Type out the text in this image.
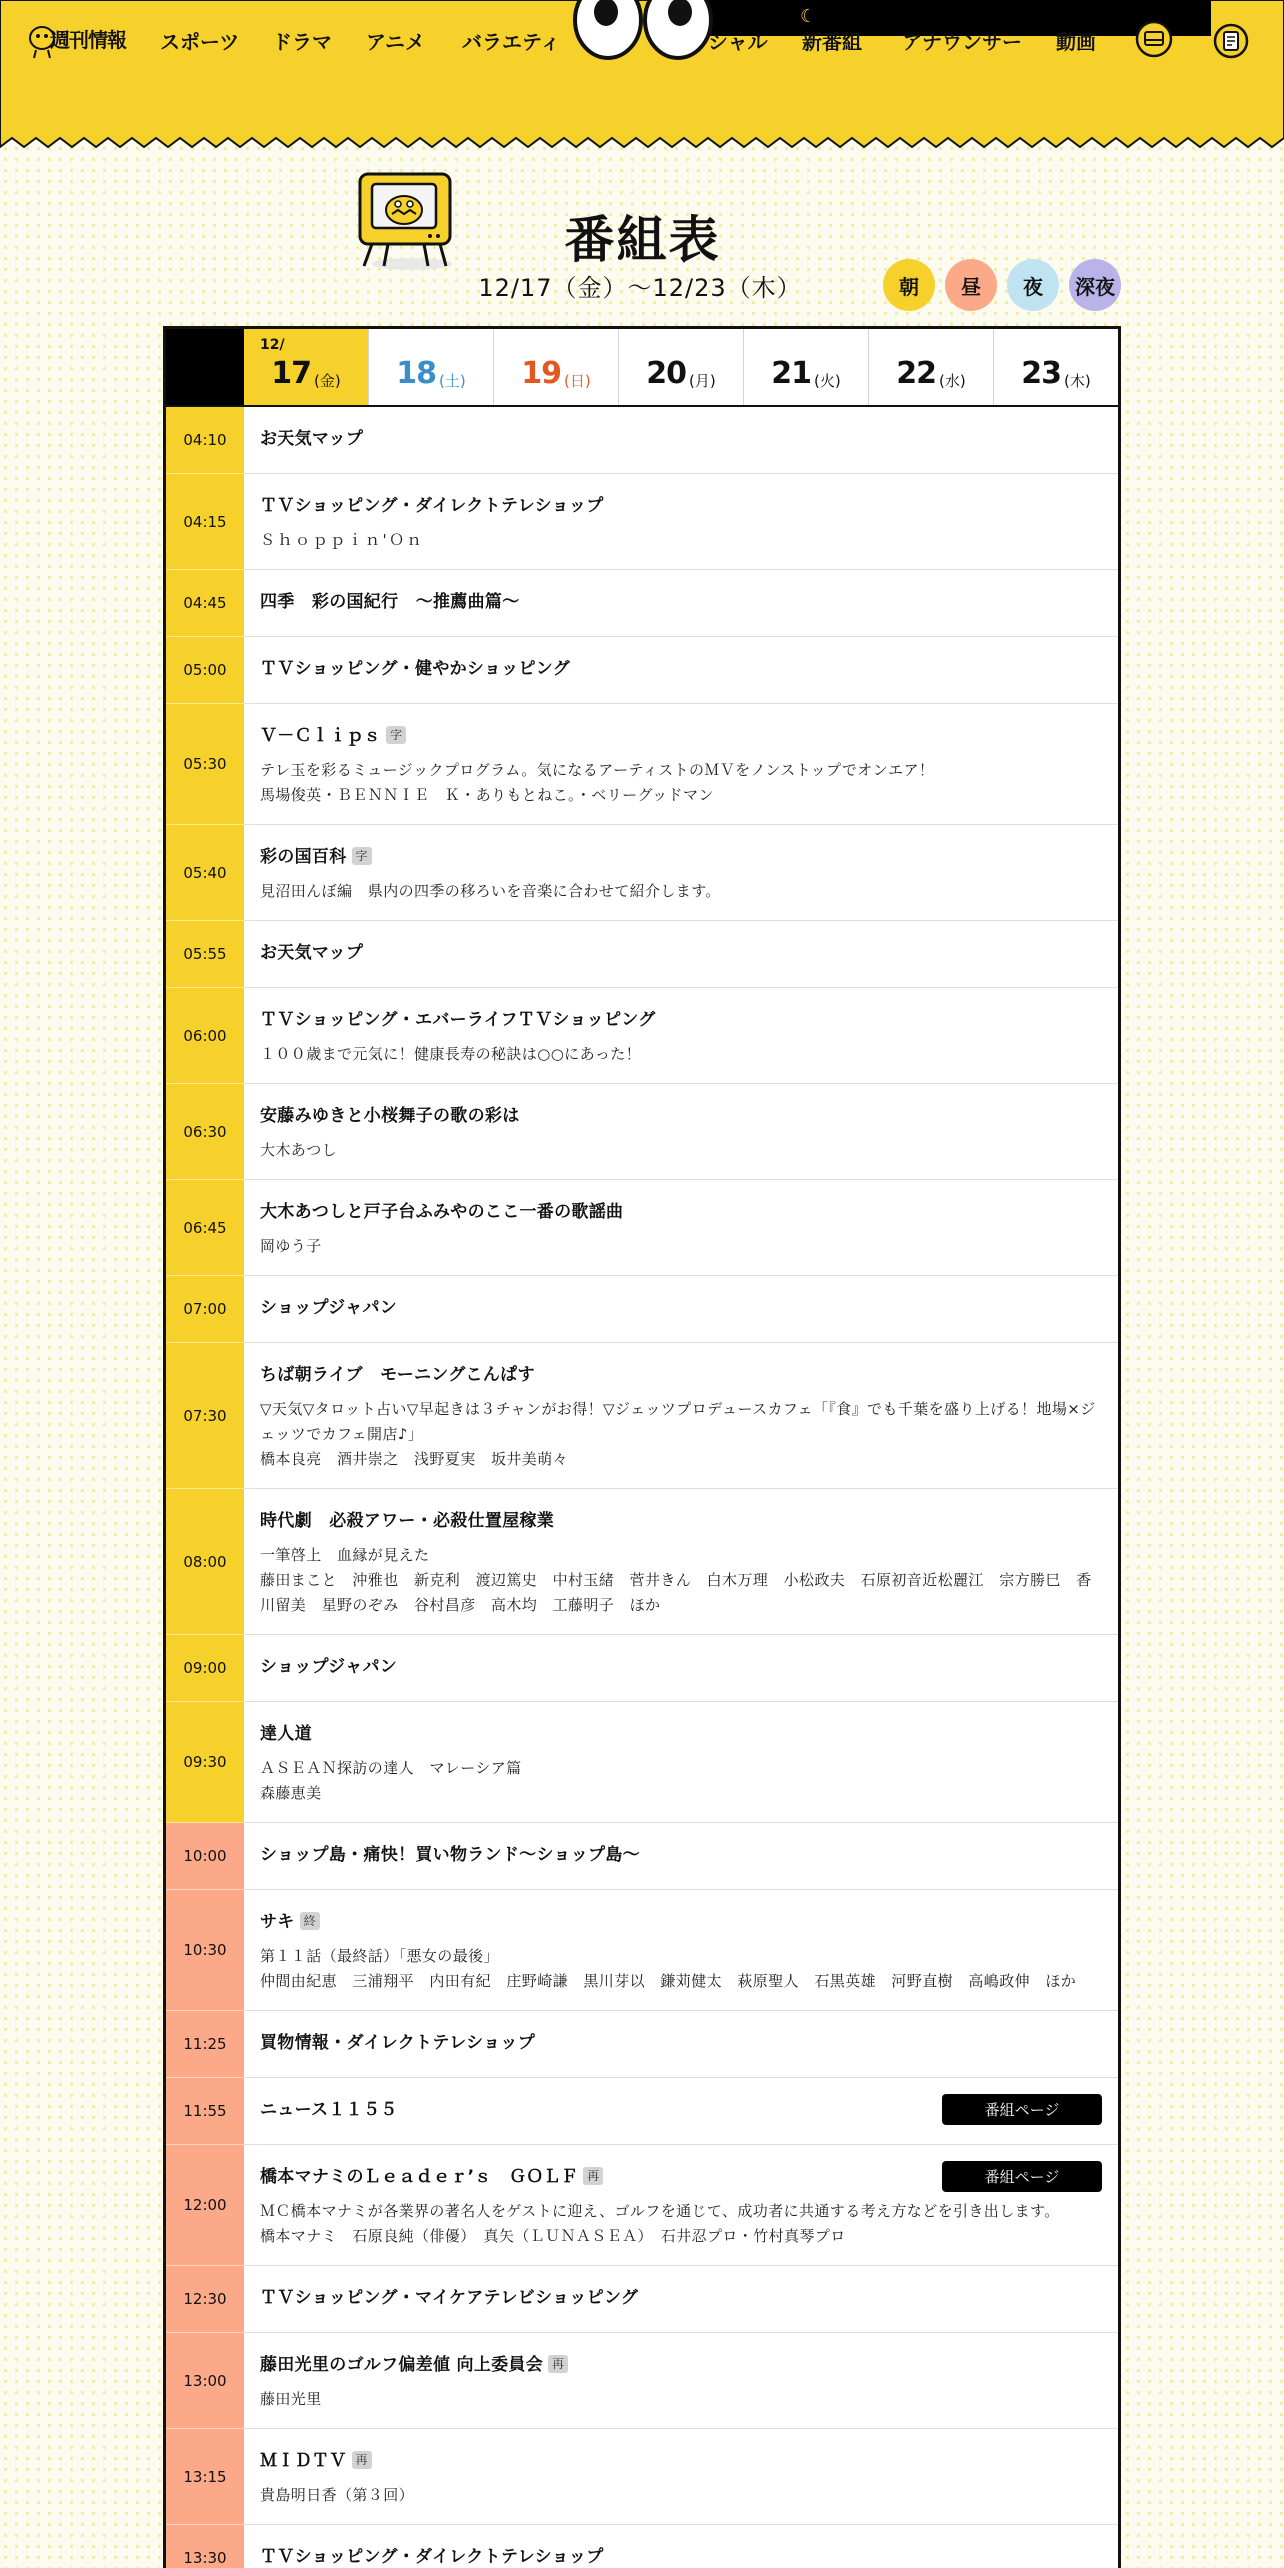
週刊情報 スポーツ ドラマ アニメ バラエティ
☾
シャル 新番組 アナウンサー 動画
番組表
12/17（金）〜12/23（木）	朝 昼 夜 深夜
12/
17 (金) 18 (土) 19 (日) 20 (月) 21 (火) 22 (水) 23 (木)
04:10	お天気マップ
04:15
ＴＶショッピング・ダイレクトテレショップ
Ｓｈｏｐｐｉｎ'Ｏｎ
04:45	四季　彩の国紀行　～推薦曲篇～
05:00	ＴＶショッピング・健やかショッピング
05:30
Ｖ－Ｃｌｉｐｓ 字
テレ玉を彩るミュージックプログラム。気になるアーティストのＭＶをノンストップでオンエア！
馬場俊英・ＢＥＮＮＩＥ　Ｋ・ありもとねこ。・ベリーグッドマン
05:40
彩の国百科 字
見沼田んぼ編　県内の四季の移ろいを音楽に合わせて紹介します。
05:55	お天気マップ
06:00
ＴＶショッピング・エバーライフＴＶショッピング
１００歳まで元気に！健康長寿の秘訣は○○にあった！
06:30
安藤みゆきと小桜舞子の歌の彩は
大木あつし
06:45
大木あつしと戸子台ふみやのここ一番の歌謡曲
岡ゆう子
07:00	ショップジャパン
07:30
ちば朝ライブ　モーニングこんぱす
▽天気▽タロット占い▽早起きは３チャンがお得！▽ジェッツプロデュースカフェ「『食』でも千葉を盛り上げる！地場×ジェッツでカフェ開店♪」
橋本良亮　酒井崇之　浅野夏実　坂井美萌々
08:00
時代劇　必殺アワー・必殺仕置屋稼業
一筆啓上　血縁が見えた
藤田まこと　沖雅也　新克利　渡辺篤史　中村玉緒　菅井きん　白木万理　小松政夫　石原初音近松麗江　宗方勝巳　香川留美　星野のぞみ　谷村昌彦　高木均　工藤明子　ほか
09:00	ショップジャパン
09:30
達人道
ＡＳＥＡＮ探訪の達人　マレーシア篇
森藤恵美
10:00	ショップ島・痛快！買い物ランド～ショップ島～
10:30
サキ 終
第１１話（最終話）「悪女の最後」
仲間由紀恵　三浦翔平　内田有紀　庄野崎謙　黒川芽以　鎌苅健太　萩原聖人　石黒英雄　河野直樹　高嶋政伸　ほか
11:25	買物情報・ダイレクトテレショップ
11:55	ニュース１１５５	番組ページ
12:00
橋本マナミのＬｅａｄｅｒ’ｓ　ＧＯＬＦ 再
ＭＣ橋本マナミが各業界の著名人をゲストに迎え、ゴルフを通じて、成功者に共通する考え方などを引き出します。
橋本マナミ　石原良純（俳優）　真矢（ＬＵＮＡＳＥＡ）　石井忍プロ・竹村真琴プロ
番組ページ
12:30	ＴＶショッピング・マイケアテレビショッピング
13:00
藤田光里のゴルフ偏差値 向上委員会 再
藤田光里
13:15
ＭＩＤＴＶ 再
貴島明日香（第３回）
13:30	ＴＶショッピング・ダイレクトテレショップ
